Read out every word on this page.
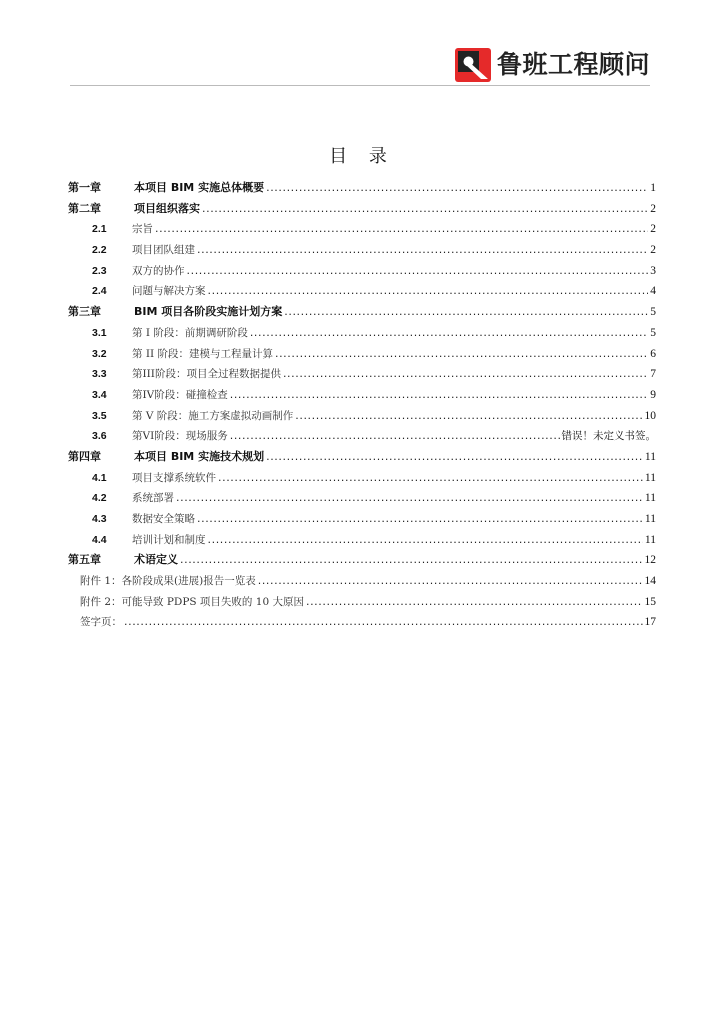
鲁班工程顾问
目 录
第一章	本项目 BIM 实施总体概要 .....	1
第二章	项目组织落实 .....	2
2.1 宗旨 .....	2
2.2 项目团队组建 .....	2
2.3 双方的协作 .....	3
2.4 问题与解决方案 .....	4
第三章	BIM 项目各阶段实施计划方案 .....	5
3.1 第 I 阶段：前期调研阶段 .....	5
3.2 第 II 阶段：建模与工程量计算 .....	6
3.3 第III阶段：项目全过程数据提供 .....	7
3.4 第IV阶段：碰撞检查 .....	9
3.5 第 V 阶段：施工方案虚拟动画制作 .....	10
3.6 第VI阶段：现场服务 .....	错误！未定义书签。
第四章	本项目 BIM 实施技术规划 .....	11
4.1 项目支撑系统软件 .....	11
4.2 系统部署 .....	11
4.3 数据安全策略 .....	11
4.4 培训计划和制度 .....	11
第五章	术语定义 .....	12
附件 1：各阶段成果(进展)报告一览表 .....	14
附件 2：可能导致 PDPS 项目失败的 10 大原因 .....	15
签字页： .....	17
